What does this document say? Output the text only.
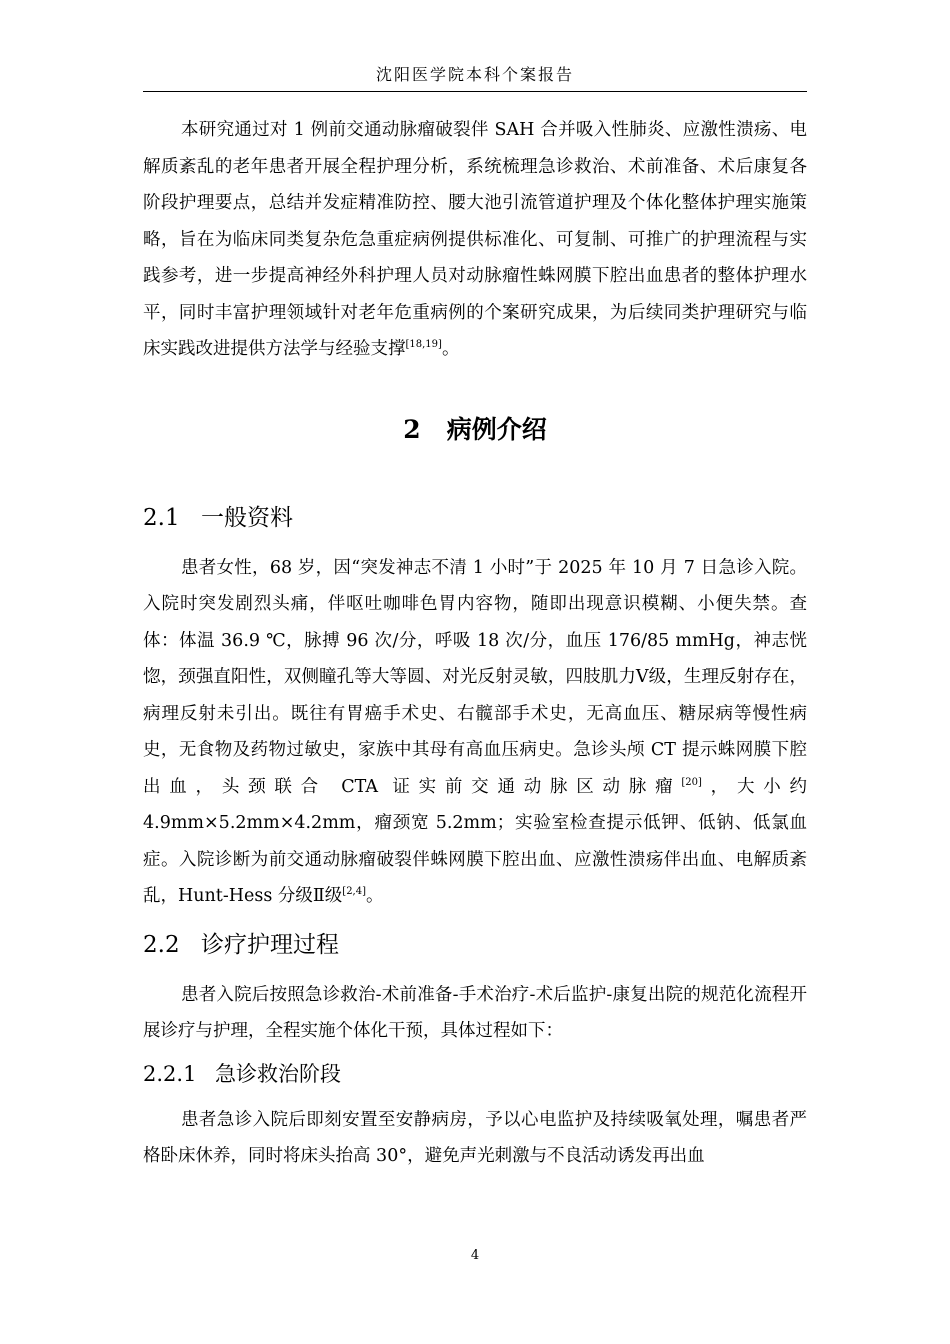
沈阳医学院本科个案报告

本研究通过对 1 例前交通动脉瘤破裂伴 SAH 合并吸入性肺炎、应激性溃疡、电解质紊乱的老年患者开展全程护理分析，系统梳理急诊救治、术前准备、术后康复各阶段护理要点，总结并发症精准防控、腰大池引流管道护理及个体化整体护理实施策略，旨在为临床同类复杂危急重症病例提供标准化、可复制、可推广的护理流程与实践参考，进一步提高神经外科护理人员对动脉瘤性蛛网膜下腔出血患者的整体护理水平，同时丰富护理领域针对老年危重病例的个案研究成果，为后续同类护理研究与临床实践改进提供方法学与经验支撑[18,19]。

2 病例介绍
2.1 一般资料

患者女性，68 岁，因“突发神志不清 1 小时”于 2025 年 10 月 7 日急诊入院。入院时突发剧烈头痛，伴呕吐咖啡色胃内容物，随即出现意识模糊、小便失禁。查体：体温 36.9 ℃，脉搏 96 次/分，呼吸 18 次/分，血压 176/85 mmHg，神志恍惚，颈强直阳性，双侧瞳孔等大等圆、对光反射灵敏，四肢肌力Ⅴ级，生理反射存在，病理反射未引出。既往有胃癌手术史、右髋部手术史，无高血压、糖尿病等慢性病史，无食物及药物过敏史，家族中其母有高血压病史。急诊头颅 CT 提示蛛网膜下腔出血，头颈联合 CTA 证实前交通动脉区动脉瘤[20]，大小约 4.9mm×5.2mm×4.2mm，瘤颈宽 5.2mm；实验室检查提示低钾、低钠、低氯血症。入院诊断为前交通动脉瘤破裂伴蛛网膜下腔出血、应激性溃疡伴出血、电解质紊乱，Hunt-Hess 分级Ⅱ级[2,4]。

2.2 诊疗护理过程

患者入院后按照急诊救治-术前准备-手术治疗-术后监护-康复出院的规范化流程开展诊疗与护理，全程实施个体化干预，具体过程如下：

2.2.1 急诊救治阶段

患者急诊入院后即刻安置至安静病房，予以心电监护及持续吸氧处理，嘱患者严格卧床休养，同时将床头抬高 30°，避免声光刺激与不良活动诱发再出血

4
